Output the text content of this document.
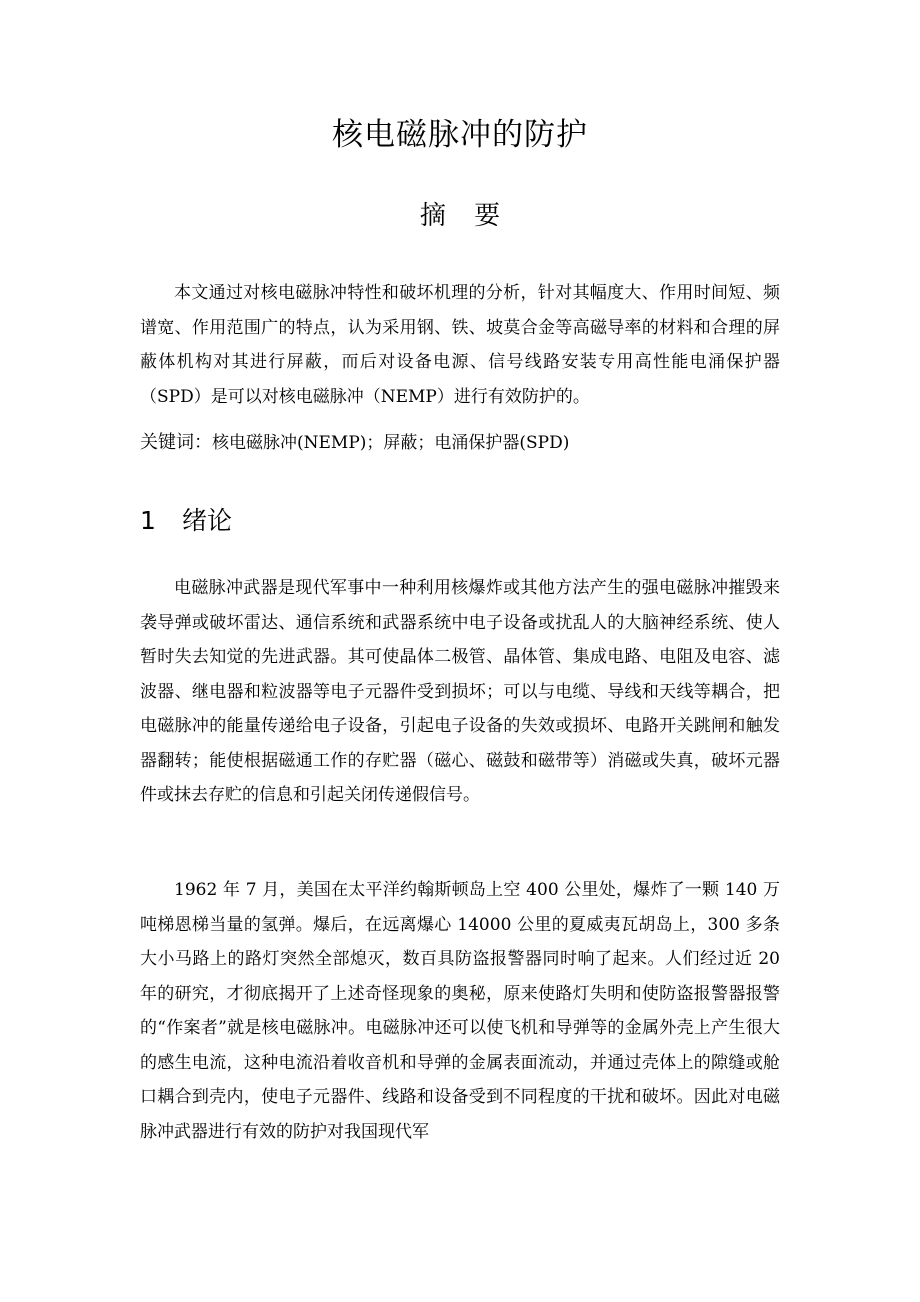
核电磁脉冲的防护
摘 要

本文通过对核电磁脉冲特性和破坏机理的分析，针对其幅度大、作用时间短、频谱宽、作用范围广的特点，认为采用钢、铁、坡莫合金等高磁导率的材料和合理的屏蔽体机构对其进行屏蔽，而后对设备电源、信号线路安装专用高性能电涌保护器（SPD）是可以对核电磁脉冲（NEMP）进行有效防护的。

关键词：核电磁脉冲(NEMP)；屏蔽；电涌保护器(SPD)

1 绪论

电磁脉冲武器是现代军事中一种利用核爆炸或其他方法产生的强电磁脉冲摧毁来袭导弹或破坏雷达、通信系统和武器系统中电子设备或扰乱人的大脑神经系统、使人暂时失去知觉的先进武器。其可使晶体二极管、晶体管、集成电路、电阻及电容、滤波器、继电器和粒波器等电子元器件受到损坏；可以与电缆、导线和天线等耦合，把电磁脉冲的能量传递给电子设备，引起电子设备的失效或损坏、电路开关跳闸和触发器翻转；能使根据磁通工作的存贮器（磁心、磁鼓和磁带等）消磁或失真，破坏元器件或抹去存贮的信息和引起关闭传递假信号。

1962 年 7 月，美国在太平洋约翰斯顿岛上空 400 公里处，爆炸了一颗 140 万吨梯恩梯当量的氢弹。爆后，在远离爆心 14000 公里的夏威夷瓦胡岛上，300 多条大小马路上的路灯突然全部熄灭，数百具防盗报警器同时响了起来。人们经过近 20 年的研究，才彻底揭开了上述奇怪现象的奥秘，原来使路灯失明和使防盗报警器报警的“作案者”就是核电磁脉冲。电磁脉冲还可以使飞机和导弹等的金属外壳上产生很大的感生电流，这种电流沿着收音机和导弹的金属表面流动，并通过壳体上的隙缝或舱口耦合到壳内，使电子元器件、线路和设备受到不同程度的干扰和破坏。因此对电磁脉冲武器进行有效的防护对我国现代军
